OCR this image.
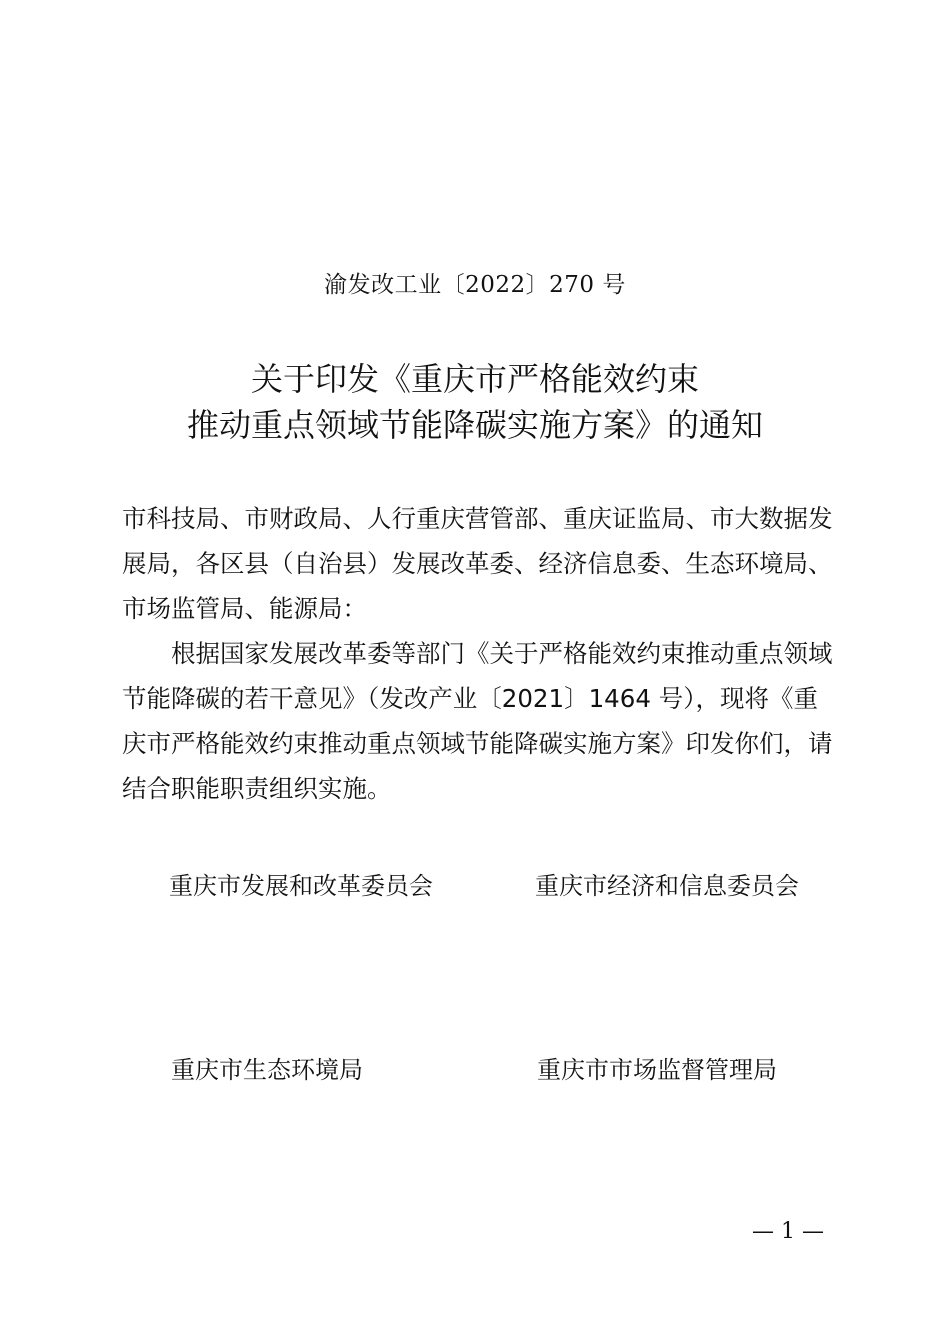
渝发改工业〔2022〕270 号
关于印发《重庆市严格能效约束
推动重点领域节能降碳实施方案》的通知

市科技局、市财政局、人行重庆营管部、重庆证监局、市大数据发展局，各区县（自治县）发展改革委、经济信息委、生态环境局、市场监管局、能源局：

根据国家发展改革委等部门《关于严格能效约束推动重点领域节能降碳的若干意见》（发改产业〔2021〕1464 号），现将《重庆市严格能效约束推动重点领域节能降碳实施方案》印发你们，请结合职能职责组织实施。

重庆市发展和改革委员会	重庆市经济和信息委员会
重庆市生态环境局	重庆市市场监督管理局
— 1 —
